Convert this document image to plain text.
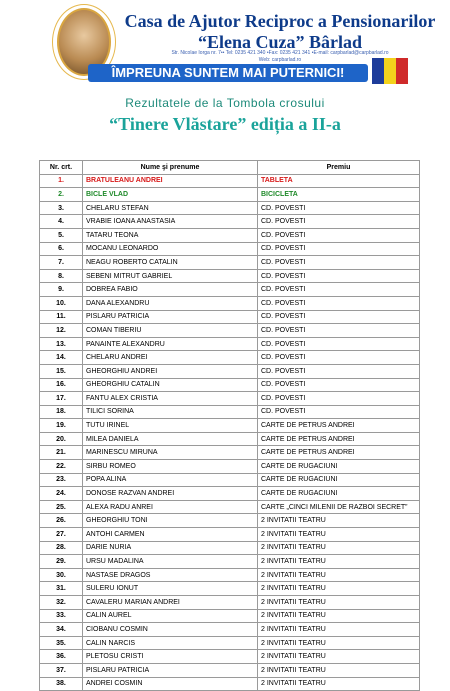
Casa de Ajutor Reciproc a Pensionarilor
“Elena Cuza” Bârlad
Str. Nicolae Iorga nr. 7•• Tel: 0235 421 340 •Fax: 0235 421 341 •E-mail: carpbarlad@carpbarlad.ro
Web: carpbarlad.ro
ÎMPREUNA SUNTEM MAI PUTERNICI!
Rezultatele de la Tombola crosului
“Tinere Vlăstare” ediția a II-a
Nr. crt.	Nume şi prenume	Premiu
1.	BRATULEANU ANDREI	TABLETA
2.	BICLE VLAD	BICICLETA
3.	CHELARU STEFAN	CD. POVESTI
4.	VRABIE IOANA ANASTASIA	CD. POVESTI
5.	TATARU TEONA	CD. POVESTI
6.	MOCANU LEONARDO	CD. POVESTI
7.	NEAGU ROBERTO CATALIN	CD. POVESTI
8.	SEBENI MITRUT GABRIEL	CD. POVESTI
9.	DOBREA FABIO	CD. POVESTI
10.	DANA ALEXANDRU	CD. POVESTI
11.	PISLARU PATRICIA	CD. POVESTI
12.	COMAN TIBERIU	CD. POVESTI
13.	PANAINTE ALEXANDRU	CD. POVESTI
14.	CHELARU ANDREI	CD. POVESTI
15.	GHEORGHIU ANDREI	CD. POVESTI
16.	GHEORGHIU CATALIN	CD. POVESTI
17.	FANTU ALEX CRISTIA	CD. POVESTI
18.	TILICI SORINA	CD. POVESTI
19.	TUTU IRINEL	CARTE DE PETRUS ANDREI
20.	MILEA DANIELA	CARTE DE PETRUS ANDREI
21.	MARINESCU MIRUNA	CARTE DE PETRUS ANDREI
22.	SIRBU ROMEO	CARTE DE RUGACIUNI
23.	POPA ALINA	CARTE DE RUGACIUNI
24.	DONOSE RAZVAN ANDREI	CARTE DE RUGACIUNI
25.	ALEXA RADU ANREI	CARTE „CINCI MILENII DE RAZBOI SECRET”
26.	GHEORGHIU TONI	2 INVITATII TEATRU
27.	ANTOHI CARMEN	2 INVITATII TEATRU
28.	DARIE NURIA	2 INVITATII TEATRU
29.	URSU MADALINA	2 INVITATII TEATRU
30.	NASTASE DRAGOS	2 INVITATII TEATRU
31.	SULERU IONUT	2 INVITATII TEATRU
32.	CAVALERU MARIAN ANDREI	2 INVITATII TEATRU
33.	CALIN AUREL	2 INVITATII TEATRU
34.	CIOBANU COSMIN	2 INVITATII TEATRU
35.	CALIN NARCIS	2 INVITATII TEATRU
36.	PLETOSU CRISTI	2 INVITATII TEATRU
37.	PISLARU PATRICIA	2 INVITATII TEATRU
38.	ANDREI COSMIN	2 INVITATII TEATRU
